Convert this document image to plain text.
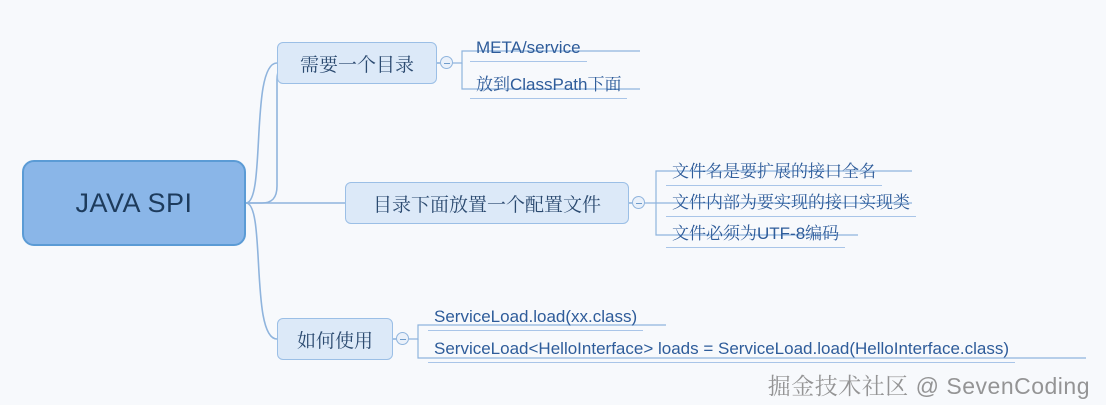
JAVA SPI
需要一个目录
目录下面放置一个配置文件
如何使用
META/service
放到ClassPath下面
文件名是要扩展的接口全名
文件内部为要实现的接口实现类
文件必须为UTF-8编码
ServiceLoad.load(xx.class)
ServiceLoad<HelloInterface> loads = ServiceLoad.load(HelloInterface.class)
掘金技术社区 @ SevenCoding
